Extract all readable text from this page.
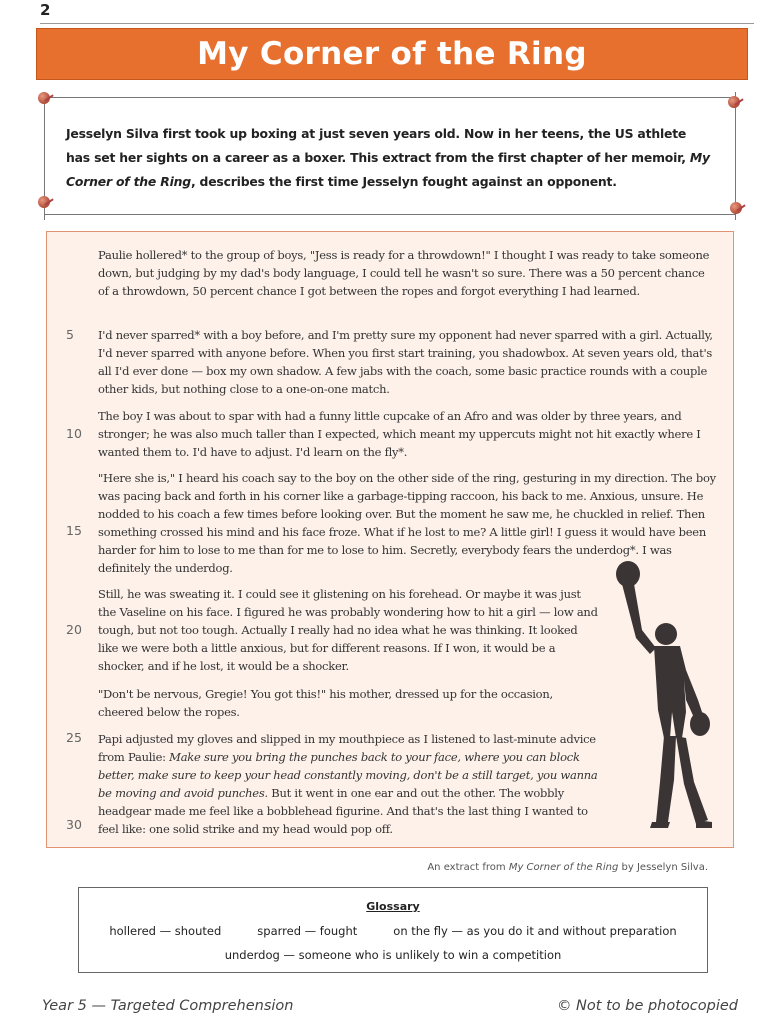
2
My Corner of the Ring
Jesselyn Silva first took up boxing at just seven years old. Now in her teens, the US athlete has set her sights on a career as a boxer. This extract from the first chapter of her memoir, My Corner of the Ring, describes the first time Jesselyn fought against an opponent.

Paulie hollered* to the group of boys, "Jess is ready for a throwdown!" I thought I was ready to take someone down, but judging by my dad's body language, I could tell he wasn't so sure. There was a 50 percent chance of a throwdown, 50 percent chance I got between the ropes and forgot everything I had learned.

I'd never sparred* with a boy before, and I'm pretty sure my opponent had never sparred with a girl. Actually, I'd never sparred with anyone before. When you first start training, you shadowbox. At seven years old, that's all I'd ever done — box my own shadow. A few jabs with the coach, some basic practice rounds with a couple other kids, but nothing close to a one-on-one match.

The boy I was about to spar with had a funny little cupcake of an Afro and was older by three years, and stronger; he was also much taller than I expected, which meant my uppercuts might not hit exactly where I wanted them to. I'd have to adjust. I'd learn on the fly*.

"Here she is," I heard his coach say to the boy on the other side of the ring, gesturing in my direction. The boy was pacing back and forth in his corner like a garbage-tipping raccoon, his back to me. Anxious, unsure. He nodded to his coach a few times before looking over. But the moment he saw me, he chuckled in relief. Then something crossed his mind and his face froze. What if he lost to me? A little girl! I guess it would have been harder for him to lose to me than for me to lose to him. Secretly, everybody fears the underdog*. I was definitely the underdog.

Still, he was sweating it. I could see it glistening on his forehead. Or maybe it was just the Vaseline on his face. I figured he was probably wondering how to hit a girl — low and tough, but not too tough. Actually I really had no idea what he was thinking. It looked like we were both a little anxious, but for different reasons. If I won, it would be a shocker, and if he lost, it would be a shocker.

"Don't be nervous, Gregie! You got this!" his mother, dressed up for the occasion, cheered below the ropes.

Papi adjusted my gloves and slipped in my mouthpiece as I listened to last-minute advice from Paulie: Make sure you bring the punches back to your face, where you can block better, make sure to keep your head constantly moving, don't be a still target, you wanna be moving and avoid punches. But it went in one ear and out the other. The wobbly headgear made me feel like a bobblehead figurine. And that's the last thing I wanted to feel like: one solid strike and my head would pop off.

5
10
15
20
25
30
An extract from My Corner of the Ring by Jesselyn Silva.
Glossary
hollered — shouted	sparred — fought	on the fly — as you do it and without preparation
underdog — someone who is unlikely to win a competition
Year 5 — Targeted Comprehension	© Not to be photocopied
